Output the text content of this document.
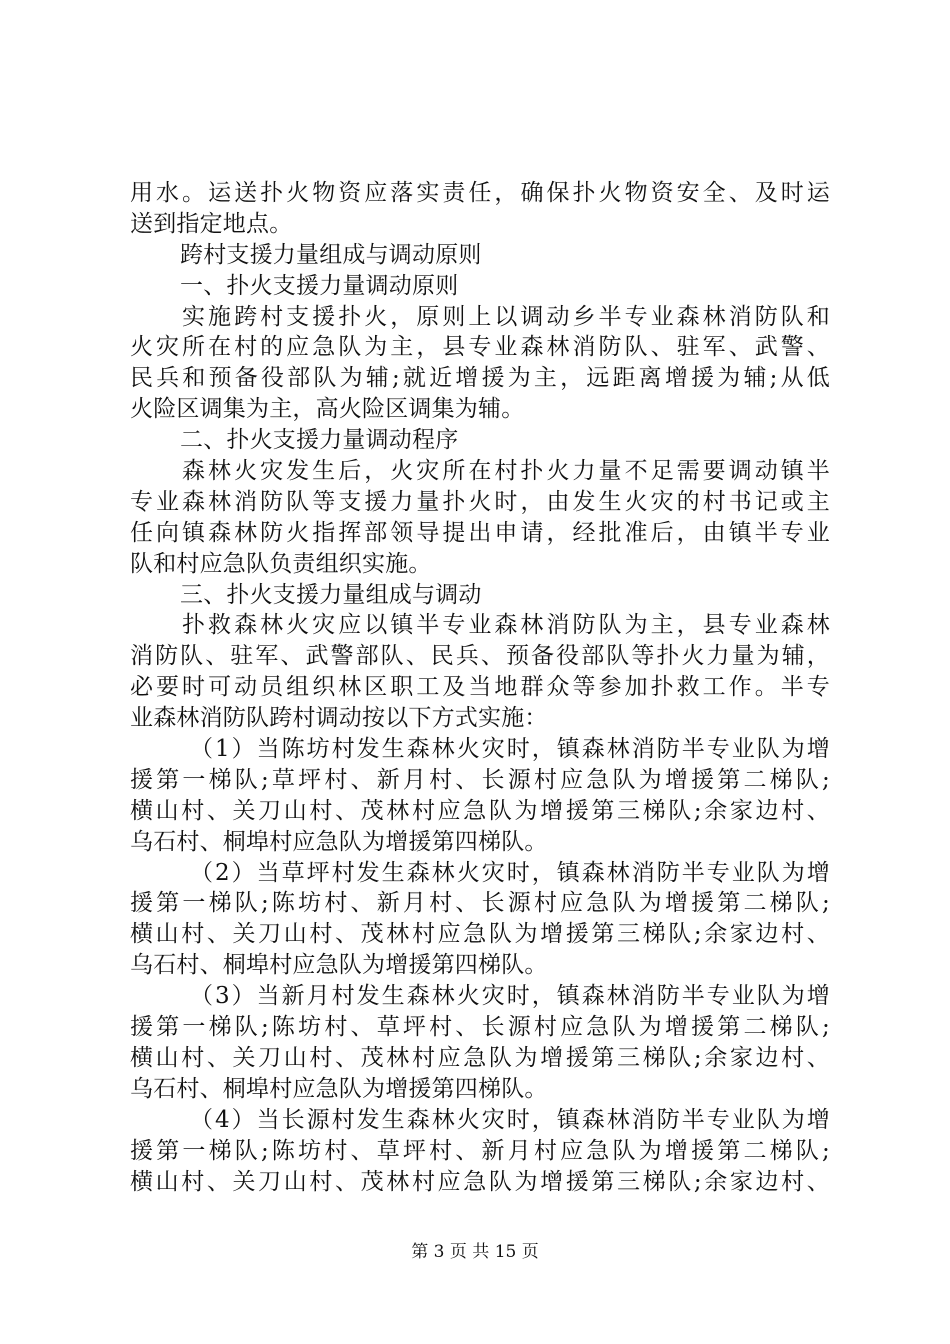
用水。运送扑火物资应落实责任，确保扑火物资安全、及时运
送到指定地点。
跨村支援力量组成与调动原则
一、扑火支援力量调动原则
实施跨村支援扑火，原则上以调动乡半专业森林消防队和
火灾所在村的应急队为主，县专业森林消防队、驻军、武警、
民兵和预备役部队为辅;就近增援为主，远距离增援为辅;从低
火险区调集为主，高火险区调集为辅。
二、扑火支援力量调动程序
森林火灾发生后，火灾所在村扑火力量不足需要调动镇半
专业森林消防队等支援力量扑火时，由发生火灾的村书记或主
任向镇森林防火指挥部领导提出申请，经批准后，由镇半专业
队和村应急队负责组织实施。
三、扑火支援力量组成与调动
扑救森林火灾应以镇半专业森林消防队为主，县专业森林
消防队、驻军、武警部队、民兵、预备役部队等扑火力量为辅，
必要时可动员组织林区职工及当地群众等参加扑救工作。半专
业森林消防队跨村调动按以下方式实施：
（1）当陈坊村发生森林火灾时，镇森林消防半专业队为增
援第一梯队;草坪村、新月村、长源村应急队为增援第二梯队;
横山村、关刀山村、茂林村应急队为增援第三梯队;余家边村、
乌石村、桐埠村应急队为增援第四梯队。
（2）当草坪村发生森林火灾时，镇森林消防半专业队为增
援第一梯队;陈坊村、新月村、长源村应急队为增援第二梯队;
横山村、关刀山村、茂林村应急队为增援第三梯队;余家边村、
乌石村、桐埠村应急队为增援第四梯队。
（3）当新月村发生森林火灾时，镇森林消防半专业队为增
援第一梯队;陈坊村、草坪村、长源村应急队为增援第二梯队;
横山村、关刀山村、茂林村应急队为增援第三梯队;余家边村、
乌石村、桐埠村应急队为增援第四梯队。
（4）当长源村发生森林火灾时，镇森林消防半专业队为增
援第一梯队;陈坊村、草坪村、新月村应急队为增援第二梯队;
横山村、关刀山村、茂林村应急队为增援第三梯队;余家边村、
第 3 页 共 15 页
